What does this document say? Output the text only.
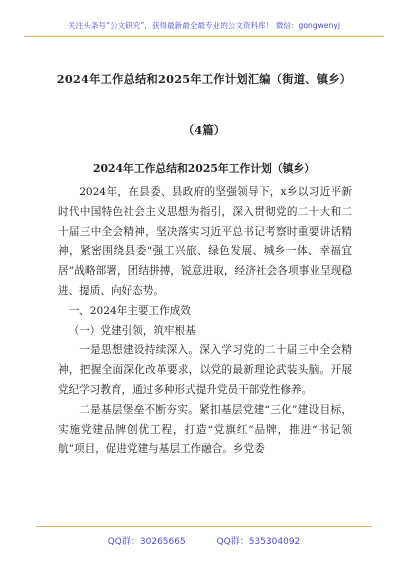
关注头条号“公文研究”，获得最新最全最专业的公文资料库！ 微信：gongwenyj
2024年工作总结和2025年工作计划汇编（街道、镇乡）
（4篇）
2024年工作总结和2025年工作计划（镇乡）

2024年，在县委、县政府的坚强领导下，x乡以习近平新时代中国特色社会主义思想为指引，深入贯彻党的二十大和二十届三中全会精神，坚决落实习近平总书记考察时重要讲话精神，紧密围绕县委“强工兴旅、绿色发展、城乡一体、幸福宜居”战略部署，团结拼搏，锐意进取，经济社会各项事业呈现稳进、提质、向好态势。

一、2024年主要工作成效

（一）党建引领，筑牢根基

一是思想建设持续深入。深入学习党的二十届三中全会精神，把握全面深化改革要求，以党的最新理论武装头脑。开展党纪学习教育，通过多种形式提升党员干部党性修养。

二是基层堡垒不断夯实。紧扣基层党建“三化”建设目标，实施党建品牌创优工程，打造“党旗红”品牌，推进“书记领航”项目，促进党建与基层工作融合。乡党委

QQ群：30265665	QQ群：535304092
